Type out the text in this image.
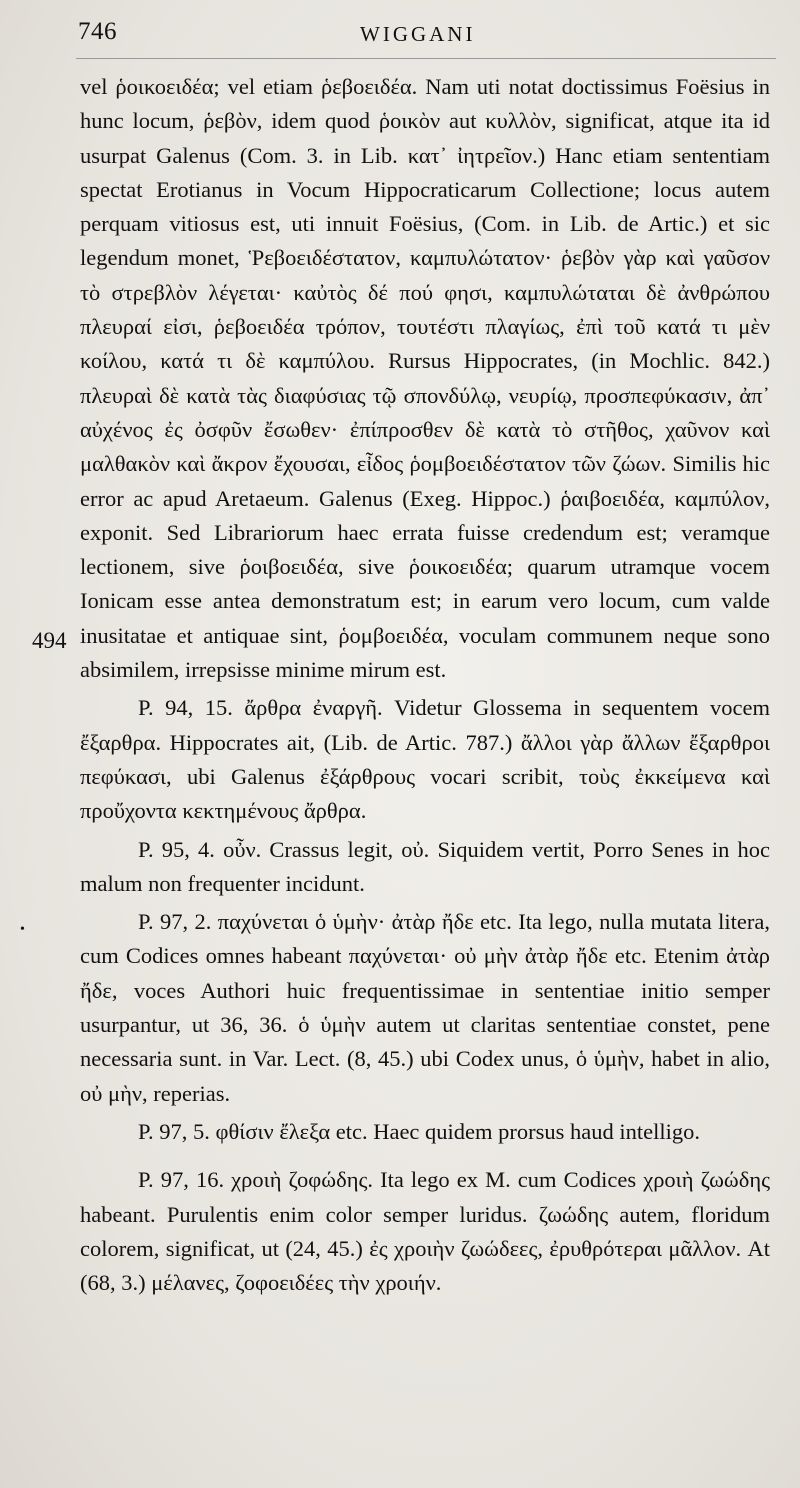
746	WIGGANI
494
•

vel ῥοικοειδέα; vel etiam ῥεβοειδέα. Nam uti notat doctissimus Foësius in hunc locum, ῥεβὸν, idem quod ῥοικὸν aut κυλλὸν, significat, atque ita id usurpat Galenus (Com. 3. in Lib. κατ᾽ ἰητρεῖον.) Hanc etiam sententiam spectat Erotianus in Vocum Hippocraticarum Collectione; locus autem perquam vitiosus est, uti innuit Foësius, (Com. in Lib. de Artic.) et sic legendum monet, Ῥεβοειδέστατον, καμπυλώτατον· ῥεβὸν γὰρ καὶ γαῦσον τὸ στρεβλὸν λέγεται· καὐτὸς δέ πού φησι, καμπυλώταται δὲ ἀνθρώπου πλευραί εἰσι, ῥεβοειδέα τρόπον, τουτέστι πλαγίως, ἐπὶ τοῦ κατά τι μὲν κοίλου, κατά τι δὲ καμπύλου. Rursus Hippocrates, (in Mochlic. 842.) πλευραὶ δὲ κατὰ τὰς διαφύσιας τῷ σπονδύλῳ, νευρίῳ, προσπεφύκασιν, ἀπ᾽ αὐχένος ἐς ὀσφῦν ἔσωθεν· ἐπίπροσθεν δὲ κατὰ τὸ στῆθος, χαῦνον καὶ μαλθακὸν καὶ ἄκρον ἔχουσαι, εἶδος ῥομβοειδέστατον τῶν ζώων. Similis hic error ac apud Aretaeum. Galenus (Exeg. Hippoc.) ῥαιβοειδέα, καμπύλον, exponit. Sed Librariorum haec errata fuisse credendum est; veramque lectionem, sive ῥοιβοειδέα, sive ῥοικοειδέα; quarum utramque vocem Ionicam esse antea demonstratum est; in earum vero locum, cum valde inusitatae et antiquae sint, ῥομβοειδέα, voculam communem neque sono absimilem, irrepsisse minime mirum est.

P. 94, 15. ἄρθρα ἐναργῆ. Videtur Glossema in sequentem vocem ἔξαρθρα. Hippocrates ait, (Lib. de Artic. 787.) ἄλλοι γὰρ ἄλλων ἔξαρθροι πεφύκασι, ubi Galenus ἐξάρθρους vocari scribit, τοὺς ἐκκείμενα καὶ προὔχοντα κεκτημένους ἄρθρα.

P. 95, 4. οὖν. Crassus legit, οὐ. Siquidem vertit, Porro Senes in hoc malum non frequenter incidunt.

P. 97, 2. παχύνεται ὁ ὑμὴν· ἀτὰρ ἤδε etc. Ita lego, nulla mutata litera, cum Codices omnes habeant παχύνεται· οὐ μὴν ἀτὰρ ἤδε etc. Etenim ἀτὰρ ἤδε, voces Authori huic frequentissimae in sententiae initio semper usurpantur, ut 36, 36. ὁ ὑμὴν autem ut claritas sententiae constet, pene necessaria sunt. in Var. Lect. (8, 45.) ubi Codex unus, ὁ ὑμὴν, habet in alio, οὐ μὴν, reperias.

P. 97, 5. φθίσιν ἔλεξα etc. Haec quidem prorsus haud intelligo.

P. 97, 16. χροιὴ ζοφώδης. Ita lego ex M. cum Codices χροιὴ ζωώδης habeant. Purulentis enim color semper luridus. ζωώδης autem, floridum colorem, significat, ut (24, 45.) ἐς χροιὴν ζωώδεες, ἐρυθρότεραι μᾶλλον. At (68, 3.) μέλανες, ζοφοειδέες τὴν χροιήν.
